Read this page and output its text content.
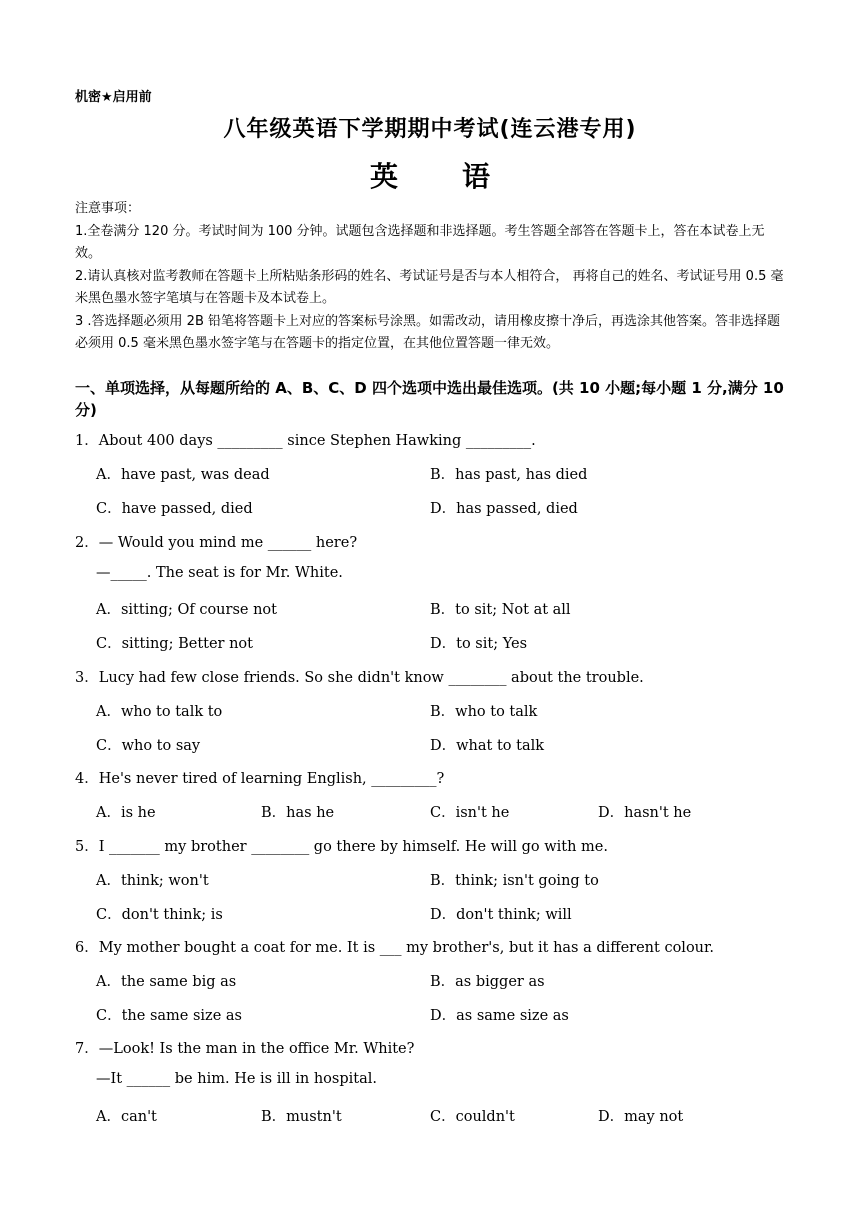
机密★启用前
八年级英语下学期期中考试(连云港专用)
英　语

注意事项：

1.全卷满分 120 分。考试时间为 100 分钟。试题包含选择题和非选择题。考生答题全部答在答题卡上，答在本试卷上无效。

2.请认真核对监考教师在答题卡上所粘贴条形码的姓名、考试证号是否与本人相符合， 再将自己的姓名、考试证号用 0.5 毫米黑色墨水签字笔填与在答题卡及本试卷上。

3 .答选择题必须用 2B 铅笔将答题卡上对应的答案标号涂黑。如需改动，请用橡皮擦十净后，再选涂其他答案。答非选择题必须用 0.5 毫米黑色墨水签字笔与在答题卡的指定位置，在其他位置答题一律无效。

一、单项选择，从每题所给的 A、B、C、D 四个选项中选出最佳选项。(共 10 小题;每小题 1 分,满分 10 分)
1．About 400 days _________ since Stephen Hawking _________.
A．have past, was dead	B．has past, has died
C．have passed, died	D．has passed, died
2．— Would you mind me ______ here?
—_____. The seat is for Mr. White.
A．sitting; Of course not	B．to sit; Not at all
C．sitting; Better not	D．to sit; Yes
3．Lucy had few close friends. So she didn't know ________ about the trouble.
A．who to talk to	B．who to talk
C．who to say	D．what to talk
4．He's never tired of learning English, _________?
A．is he	B．has he	C．isn't he	D．hasn't he
5．I _______ my brother ________ go there by himself. He will go with me.
A．think; won't	B．think; isn't going to
C．don't think; is	D．don't think; will
6．My mother bought a coat for me. It is ___ my brother's, but it has a different colour.
A．the same big as	B．as bigger as
C．the same size as	D．as same size as
7．—Look! Is the man in the office Mr. White?
—It ______ be him. He is ill in hospital.
A．can't	B．mustn't	C．couldn't	D．may not
